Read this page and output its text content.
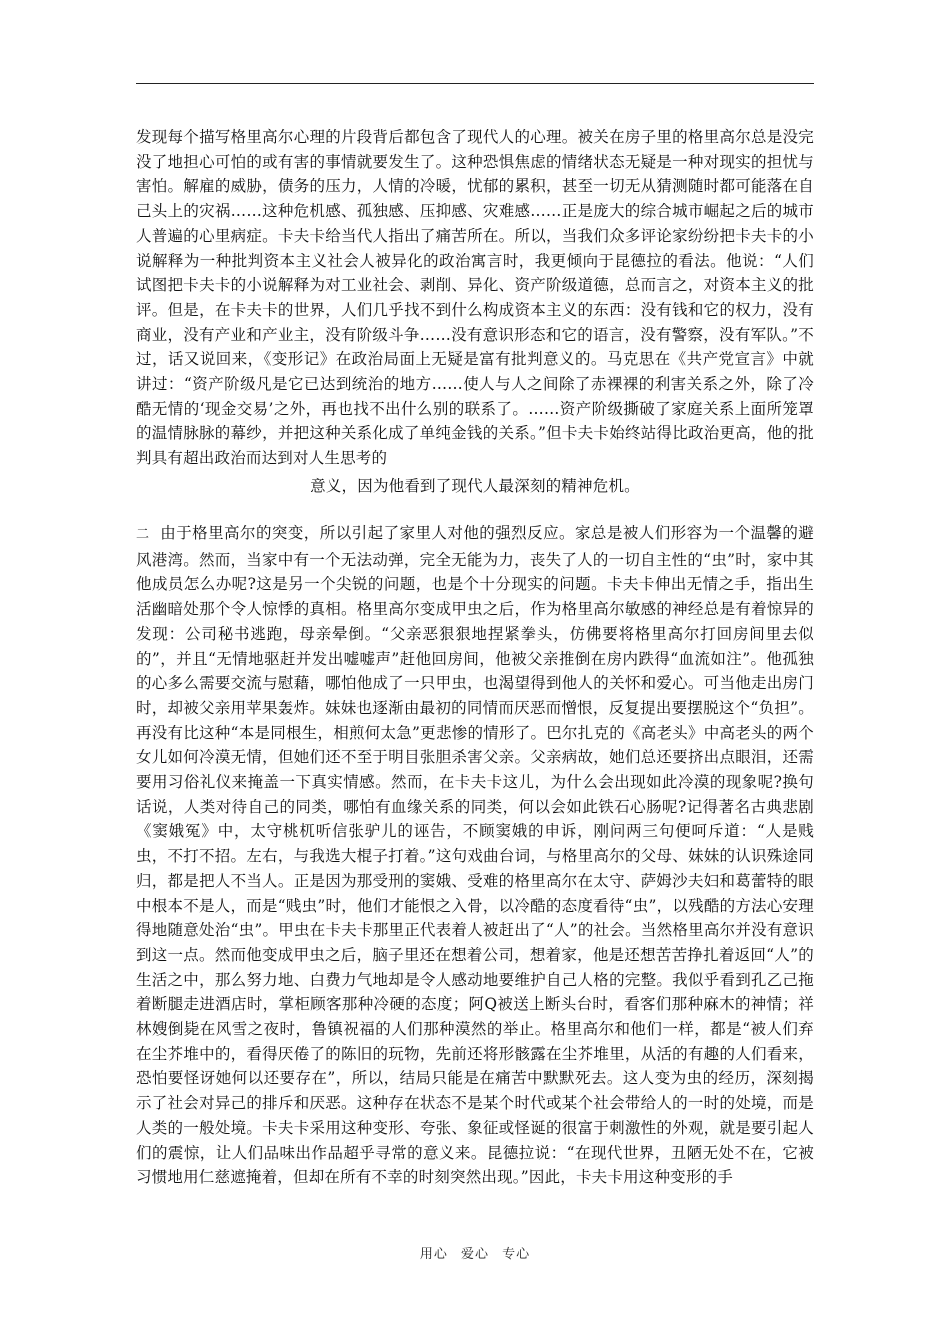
发现每个描写格里高尔心理的片段背后都包含了现代人的心理。被关在房子里的格里高尔总是没完没了地担心可怕的或有害的事情就要发生了。这种恐惧焦虑的情绪状态无疑是一种对现实的担忧与害怕。解雇的威胁，债务的压力，人情的冷暖，忧郁的累积，甚至一切无从猜测随时都可能落在自己头上的灾祸……这种危机感、孤独感、压抑感、灾难感……正是庞大的综合城市崛起之后的城市人普遍的心里病症。卡夫卡给当代人指出了痛苦所在。所以，当我们众多评论家纷纷把卡夫卡的小说解释为一种批判资本主义社会人被异化的政治寓言时，我更倾向于昆德拉的看法。他说：“人们试图把卡夫卡的小说解释为对工业社会、剥削、异化、资产阶级道德，总而言之，对资本主义的批评。但是，在卡夫卡的世界，人们几乎找不到什么构成资本主义的东西：没有钱和它的权力，没有商业，没有产业和产业主，没有阶级斗争……没有意识形态和它的语言，没有警察，没有军队。”不过，话又说回来，《变形记》在政治局面上无疑是富有批判意义的。马克思在《共产党宣言》中就讲过：“资产阶级凡是它已达到统治的地方……使人与人之间除了赤裸裸的利害关系之外，除了冷酷无情的‘现金交易’之外，再也找不出什么别的联系了。……资产阶级撕破了家庭关系上面所笼罩的温情脉脉的幕纱，并把这种关系化成了单纯金钱的关系。”但卡夫卡始终站得比政治更高，他的批判具有超出政治而达到对人生思考的

意义，因为他看到了现代人最深刻的精神危机。

二 由于格里高尔的突变，所以引起了家里人对他的强烈反应。家总是被人们形容为一个温馨的避风港湾。然而，当家中有一个无法动弹，完全无能为力，丧失了人的一切自主性的“虫”时，家中其他成员怎么办呢?这是另一个尖锐的问题，也是个十分现实的问题。卡夫卡伸出无情之手，指出生活幽暗处那个令人惊悸的真相。格里高尔变成甲虫之后，作为格里高尔敏感的神经总是有着惊异的发现：公司秘书逃跑，母亲晕倒。“父亲恶狠狠地捏紧拳头，仿佛要将格里高尔打回房间里去似的”，并且“无情地驱赶并发出嘘嘘声”赶他回房间，他被父亲推倒在房内跌得“血流如注”。他孤独的心多么需要交流与慰藉，哪怕他成了一只甲虫，也渴望得到他人的关怀和爱心。可当他走出房门时，却被父亲用苹果轰炸。妹妹也逐渐由最初的同情而厌恶而憎恨，反复提出要摆脱这个“负担”。再没有比这种“本是同根生，相煎何太急”更悲惨的情形了。巴尔扎克的《高老头》中高老头的两个女儿如何冷漠无情，但她们还不至于明目张胆杀害父亲。父亲病故，她们总还要挤出点眼泪，还需要用习俗礼仪来掩盖一下真实情感。然而，在卡夫卡这儿，为什么会出现如此冷漠的现象呢?换句话说，人类对待自己的同类，哪怕有血缘关系的同类，何以会如此铁石心肠呢?记得著名古典悲剧《窦娥冤》中，太守桃杌听信张驴儿的诬告，不顾窦娥的申诉，刚问两三句便呵斥道：“人是贱虫，不打不招。左右，与我选大棍子打着。”这句戏曲台词，与格里高尔的父母、妹妹的认识殊途同归，都是把人不当人。正是因为那受刑的窦娥、受难的格里高尔在太守、萨姆沙夫妇和葛蕾特的眼中根本不是人，而是“贱虫”时，他们才能恨之入骨，以冷酷的态度看待“虫”，以残酷的方法心安理得地随意处治“虫”。甲虫在卡夫卡那里正代表着人被赶出了“人”的社会。当然格里高尔并没有意识到这一点。然而他变成甲虫之后，脑子里还在想着公司，想着家，他是还想苦苦挣扎着返回“人”的生活之中，那么努力地、白费力气地却是令人感动地要维护自己人格的完整。我似乎看到孔乙己拖着断腿走进酒店时，掌柜顾客那种冷硬的态度；阿Q被送上断头台时，看客们那种麻木的神情；祥林嫂倒毙在风雪之夜时，鲁镇祝福的人们那种漠然的举止。格里高尔和他们一样，都是“被人们弃在尘芥堆中的，看得厌倦了的陈旧的玩物，先前还将形骸露在尘芥堆里，从活的有趣的人们看来，恐怕要怪讶她何以还要存在”，所以，结局只能是在痛苦中默默死去。这人变为虫的经历，深刻揭示了社会对异己的排斥和厌恶。这种存在状态不是某个时代或某个社会带给人的一时的处境，而是人类的一般处境。卡夫卡采用这种变形、夸张、象征或怪诞的很富于刺激性的外观，就是要引起人们的震惊，让人们品味出作品超乎寻常的意义来。昆德拉说：“在现代世界，丑陋无处不在，它被习惯地用仁慈遮掩着，但却在所有不幸的时刻突然出现。”因此，卡夫卡用这种变形的手

用心 爱心 专心
